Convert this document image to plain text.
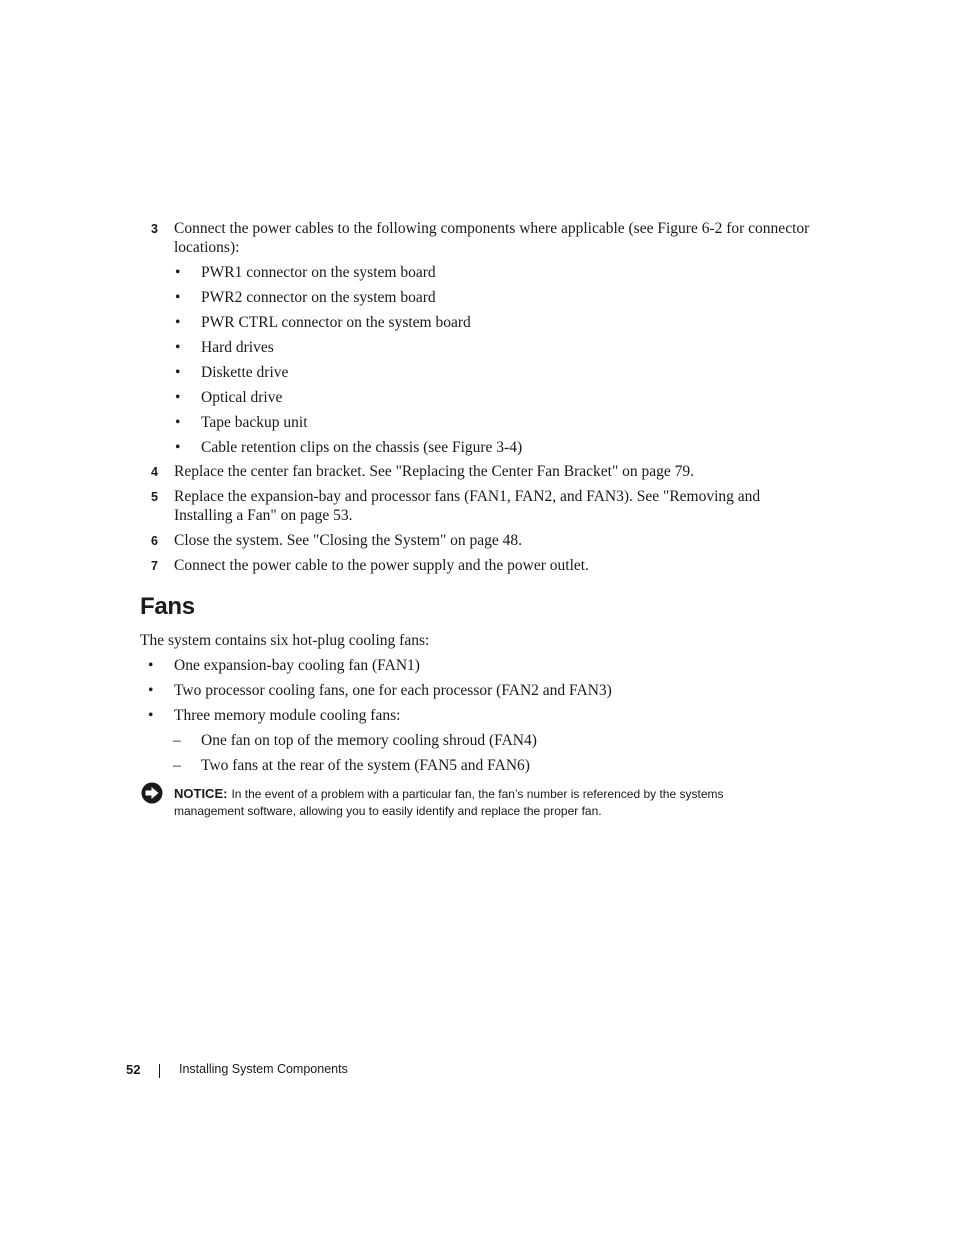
3	Connect the power cables to the following components where applicable (see Figure 6-2 for connector locations):
• PWR1 connector on the system board
• PWR2 connector on the system board
• PWR CTRL connector on the system board
• Hard drives
• Diskette drive
• Optical drive
• Tape backup unit
• Cable retention clips on the chassis (see Figure 3-4)
4	Replace the center fan bracket. See "Replacing the Center Fan Bracket" on page 79.
5	Replace the expansion-bay and processor fans (FAN1, FAN2, and FAN3). See "Removing and Installing a Fan" on page 53.
6	Close the system. See "Closing the System" on page 48.
7	Connect the power cable to the power supply and the power outlet.
Fans
The system contains six hot-plug cooling fans:
• One expansion-bay cooling fan (FAN1)
• Two processor cooling fans, one for each processor (FAN2 and FAN3)
• Three memory module cooling fans:
– One fan on top of the memory cooling shroud (FAN4)
– Two fans at the rear of the system (FAN5 and FAN6)
NOTICE: In the event of a problem with a particular fan, the fan’s number is referenced by the systems management software, allowing you to easily identify and replace the proper fan.
52	Installing System Components
